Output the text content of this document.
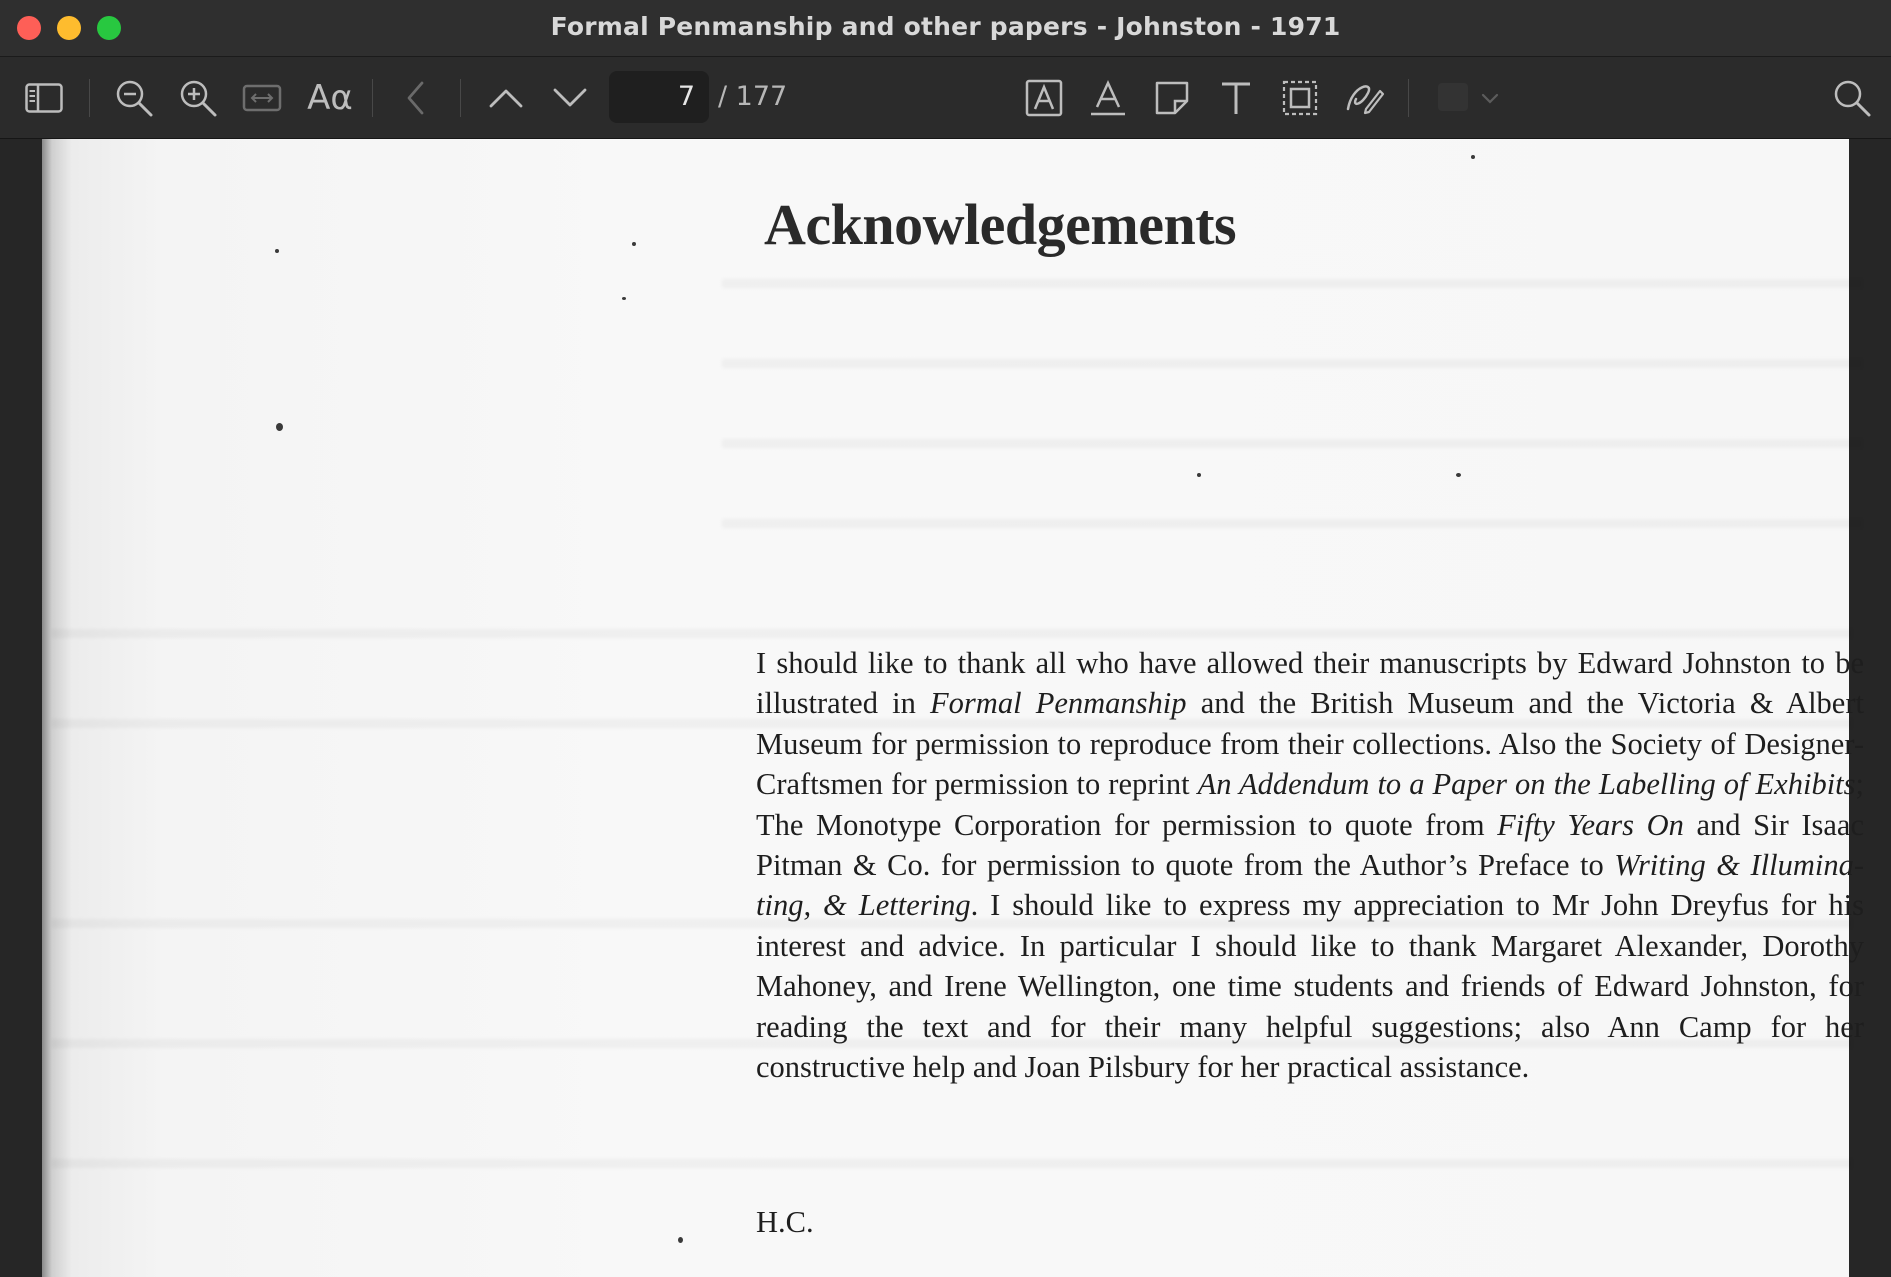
Formal Penmanship and other papers - Johnston - 1971
Aα	7 / 177
Acknowledgements

I should like to thank all who have allowed their manuscripts by Edward Johnston to be illustrated in Formal Penmanship and the British Museum and the Victoria & Albert Museum for permission to reproduce from their collections. Also the Society of Designer-Craftsmen for permission to reprint An Addendum to a Paper on the Labelling of Exhibits; The Monotype Corporation for permission to quote from Fifty Years On and Sir Isaac Pitman & Co. for permission to quote from the Author’s Preface to Writing & Illuminating, & Lettering. I should like to express my appreciation to Mr John Dreyfus for his interest and advice. In particular I should like to thank Margaret Alexander, Dorothy Mahoney, and Irene Wellington, one time students and friends of Edward Johnston, for reading the text and for their many helpful suggestions; also Ann Camp for her constructive help and Joan Pilsbury for her practical assistance.

H.C.
